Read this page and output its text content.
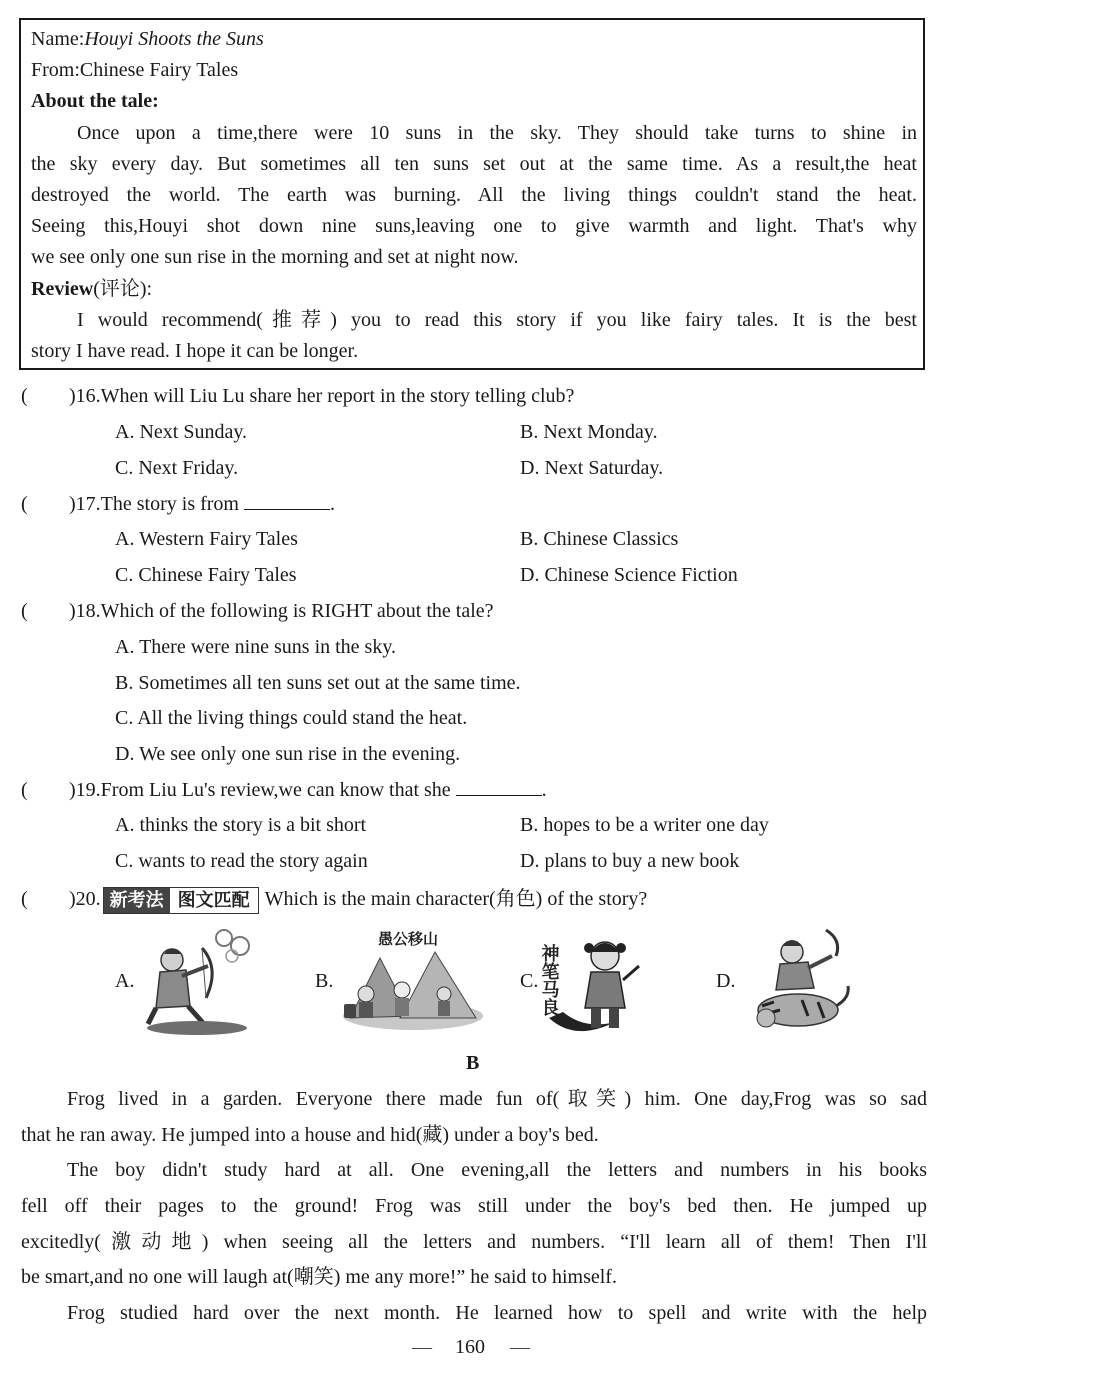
Name:Houyi Shoots the Suns
From:Chinese Fairy Tales
About the tale:
Once upon a time,there were 10 suns in the sky. They should take turns to shine in
the sky every day. But sometimes all ten suns set out at the same time. As a result,the heat
destroyed the world. The earth was burning. All the living things couldn't stand the heat.
Seeing this,Houyi shot down nine suns,leaving one to give warmth and light. That's why
we see only one sun rise in the morning and set at night now.
Review(评论):
I would recommend(推荐) you to read this story if you like fairy tales. It is the best
story I have read. I hope it can be longer.
( )16.When will Liu Lu share her report in the story telling club?
A. Next Sunday.	B. Next Monday.
C. Next Friday.	D. Next Saturday.
( )17.The story is from	.
A. Western Fairy Tales	B. Chinese Classics
C. Chinese Fairy Tales	D. Chinese Science Fiction
( )18.Which of the following is RIGHT about the tale?
A. There were nine suns in the sky.
B. Sometimes all ten suns set out at the same time.
C. All the living things could stand the heat.
D. We see only one sun rise in the evening.
( )19.From Liu Lu's review,we can know that she	.
A. thinks the story is a bit short	B. hopes to be a writer one day
C. wants to read the story again	D. plans to buy a new book
( )20. 新考法 图文匹配 Which is the main character(角色) of the story?
A.	B.
愚公移山
C. 神笔马良	D.
B
Frog lived in a garden. Everyone there made fun of(取笑) him. One day,Frog was so sad
that he ran away. He jumped into a house and hid(藏) under a boy's bed.
The boy didn't study hard at all. One evening,all the letters and numbers in his books
fell off their pages to the ground! Frog was still under the boy's bed then. He jumped up
excitedly(激动地) when seeing all the letters and numbers. “I'll learn all of them! Then I'll
be smart,and no one will laugh at(嘲笑) me any more!” he said to himself.
Frog studied hard over the next month. He learned how to spell and write with the help
— 160 —
